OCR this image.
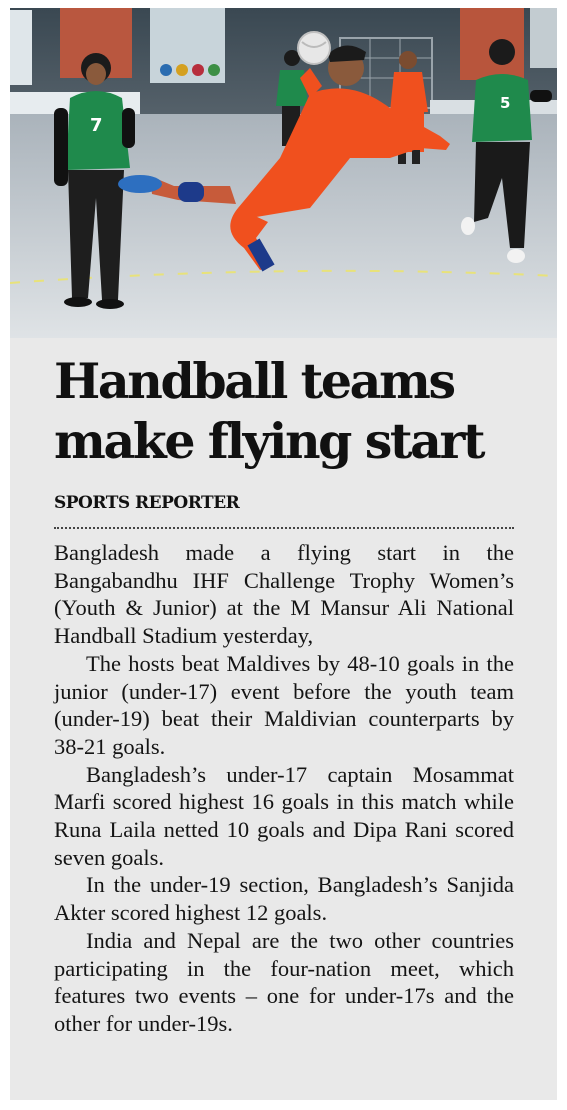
7
5
Handball teams make flying start
SPORTS REPORTER

Bangladesh made a flying start in the Bangabandhu IHF Challenge Trophy Women’s (Youth & Junior) at the M Mansur Ali National Handball Stadium yesterday,

The hosts beat Maldives by 48-10 goals in the junior (under-17) event before the youth team (under-19) beat their Maldivian counterparts by 38-21 goals.

Bangladesh’s under-17 captain Mosammat Marfi scored highest 16 goals in this match while Runa Laila netted 10 goals and Dipa Rani scored seven goals.

In the under-19 section, Bangladesh’s Sanjida Akter scored highest 12 goals.

India and Nepal are the two other countries participating in the four-nation meet, which features two events – one for under-17s and the other for under-19s.
